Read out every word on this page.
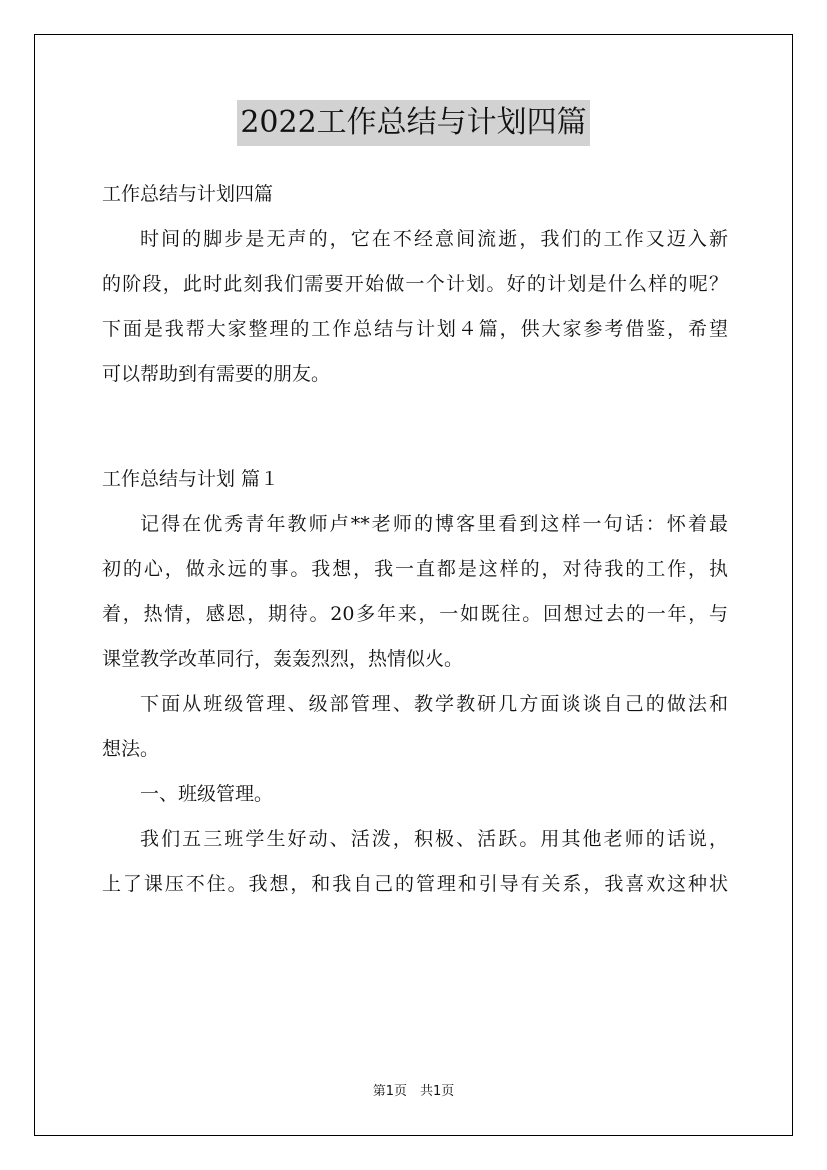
2022工作总结与计划四篇

工作总结与计划四篇

时间的脚步是无声的，它在不经意间流逝，我们的工作又迈入新
的阶段，此时此刻我们需要开始做一个计划。好的计划是什么样的呢？
下面是我帮大家整理的工作总结与计划４篇，供大家参考借鉴，希望
可以帮助到有需要的朋友。

工作总结与计划 篇１

记得在优秀青年教师卢**老师的博客里看到这样一句话：怀着最
初的心，做永远的事。我想，我一直都是这样的，对待我的工作，执
着，热情，感恩，期待。20多年来，一如既往。回想过去的一年，与
课堂教学改革同行，轰轰烈烈，热情似火。
下面从班级管理、级部管理、教学教研几方面谈谈自己的做法和
想法。

一、班级管理。

我们五三班学生好动、活泼，积极、活跃。用其他老师的话说，
上了课压不住。我想，和我自己的管理和引导有关系，我喜欢这种状
第1页　共1页
